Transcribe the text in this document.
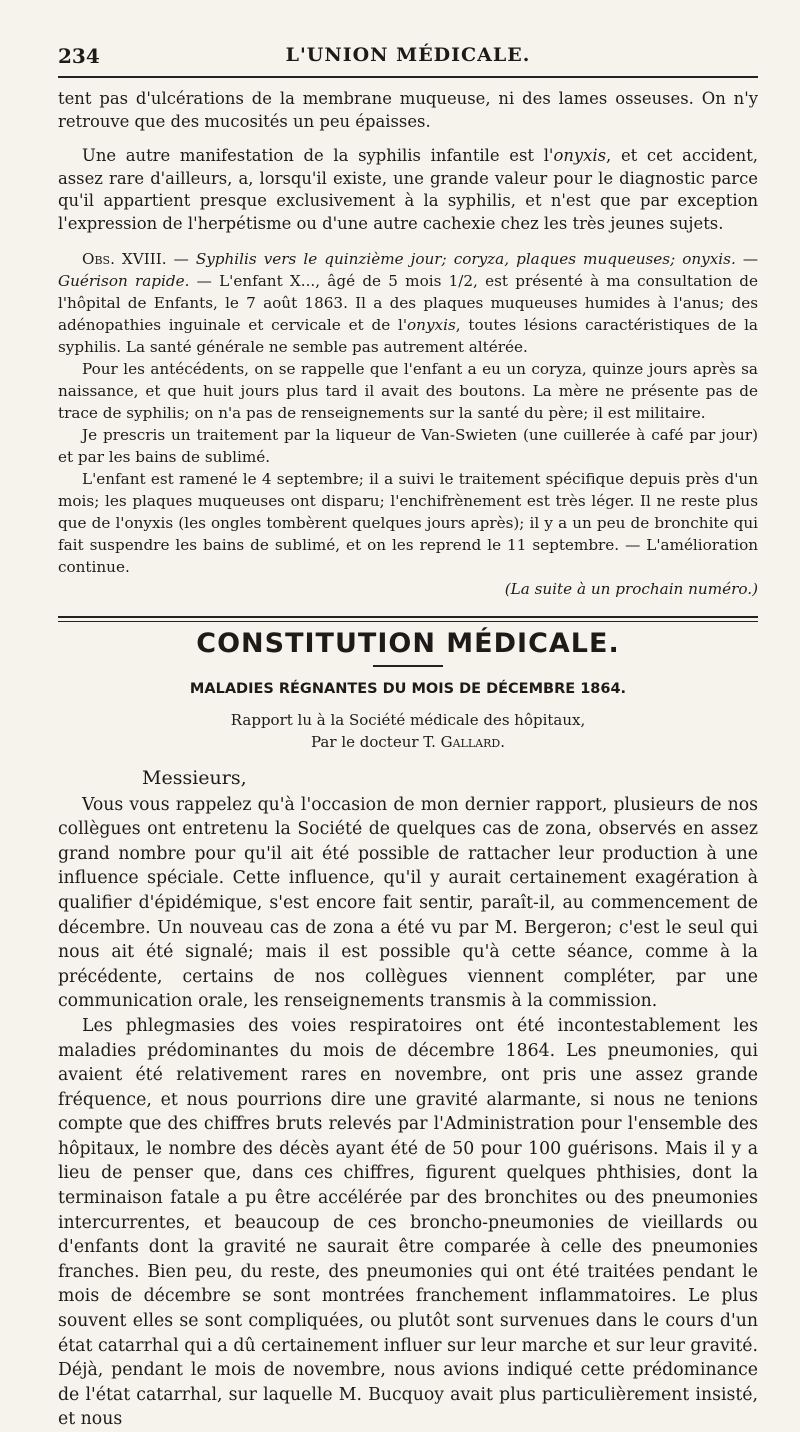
234	L'UNION MÉDICALE.

tent pas d'ulcérations de la membrane muqueuse, ni des lames osseuses. On n'y retrouve que des mucosités un peu épaisses.

Une autre manifestation de la syphilis infantile est l'onyxis, et cet accident, assez rare d'ailleurs, a, lorsqu'il existe, une grande valeur pour le diagnostic parce qu'il appartient presque exclusivement à la syphilis, et n'est que par exception l'expression de l'herpétisme ou d'une autre cachexie chez les très jeunes sujets.

Obs. XVIII. — Syphilis vers le quinzième jour; coryza, plaques muqueuses; onyxis. — Guérison rapide. — L'enfant X..., âgé de 5 mois 1/2, est présenté à ma consultation de l'hôpital de Enfants, le 7 août 1863. Il a des plaques muqueuses humides à l'anus; des adénopathies inguinale et cervicale et de l'onyxis, toutes lésions caractéristiques de la syphilis. La santé générale ne semble pas autrement altérée.

Pour les antécédents, on se rappelle que l'enfant a eu un coryza, quinze jours après sa naissance, et que huit jours plus tard il avait des boutons. La mère ne présente pas de trace de syphilis; on n'a pas de renseignements sur la santé du père; il est militaire.

Je prescris un traitement par la liqueur de Van-Swieten (une cuillerée à café par jour) et par les bains de sublimé.

L'enfant est ramené le 4 septembre; il a suivi le traitement spécifique depuis près d'un mois; les plaques muqueuses ont disparu; l'enchifrènement est très léger. Il ne reste plus que de l'onyxis (les ongles tombèrent quelques jours après); il y a un peu de bronchite qui fait suspendre les bains de sublimé, et on les reprend le 11 septembre. — L'amélioration continue.

(La suite à un prochain numéro.)

CONSTITUTION MÉDICALE.
MALADIES RÉGNANTES DU MOIS DE DÉCEMBRE 1864.

Rapport lu à la Société médicale des hôpitaux,

Par le docteur T. Gallard.

Messieurs,

Vous vous rappelez qu'à l'occasion de mon dernier rapport, plusieurs de nos collègues ont entretenu la Société de quelques cas de zona, observés en assez grand nombre pour qu'il ait été possible de rattacher leur production à une influence spéciale. Cette influence, qu'il y aurait certainement exagération à qualifier d'épidémique, s'est encore fait sentir, paraît-il, au commencement de décembre. Un nouveau cas de zona a été vu par M. Bergeron; c'est le seul qui nous ait été signalé; mais il est possible qu'à cette séance, comme à la précédente, certains de nos collègues viennent compléter, par une communication orale, les renseignements transmis à la commission.

Les phlegmasies des voies respiratoires ont été incontestablement les maladies prédominantes du mois de décembre 1864. Les pneumonies, qui avaient été relativement rares en novembre, ont pris une assez grande fréquence, et nous pourrions dire une gravité alarmante, si nous ne tenions compte que des chiffres bruts relevés par l'Administration pour l'ensemble des hôpitaux, le nombre des décès ayant été de 50 pour 100 guérisons. Mais il y a lieu de penser que, dans ces chiffres, figurent quelques phthisies, dont la terminaison fatale a pu être accélérée par des bronchites ou des pneumonies intercurrentes, et beaucoup de ces broncho-pneumonies de vieillards ou d'enfants dont la gravité ne saurait être comparée à celle des pneumonies franches. Bien peu, du reste, des pneumonies qui ont été traitées pendant le mois de décembre se sont montrées franchement inflammatoires. Le plus souvent elles se sont compliquées, ou plutôt sont survenues dans le cours d'un état catarrhal qui a dû certainement influer sur leur marche et sur leur gravité. Déjà, pendant le mois de novembre, nous avions indiqué cette prédominance de l'état catarrhal, sur laquelle M. Bucquoy avait plus particulièrement insisté, et nous
